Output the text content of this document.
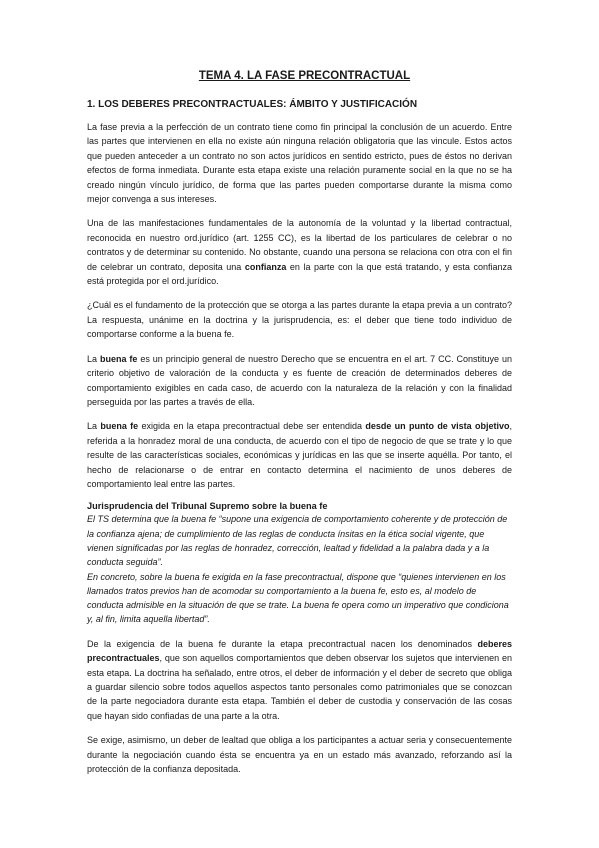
TEMA 4. LA FASE PRECONTRACTUAL
1. LOS DEBERES PRECONTRACTUALES: ÁMBITO Y JUSTIFICACIÓN

La fase previa a la perfección de un contrato tiene como fin principal la conclusión de un acuerdo. Entre las partes que intervienen en ella no existe aún ninguna relación obligatoria que las vincule. Estos actos que pueden anteceder a un contrato no son actos jurídicos en sentido estricto, pues de éstos no derivan efectos de forma inmediata. Durante esta etapa existe una relación puramente social en la que no se ha creado ningún vínculo jurídico, de forma que las partes pueden comportarse durante la misma como mejor convenga a sus intereses.

Una de las manifestaciones fundamentales de la autonomía de la voluntad y la libertad contractual, reconocida en nuestro ord.jurídico (art. 1255 CC), es la libertad de los particulares de celebrar o no contratos y de determinar su contenido. No obstante, cuando una persona se relaciona con otra con el fin de celebrar un contrato, deposita una confianza en la parte con la que está tratando, y esta confianza está protegida por el ord.jurídico.

¿Cuál es el fundamento de la protección que se otorga a las partes durante la etapa previa a un contrato? La respuesta, unánime en la doctrina y la jurisprudencia, es: el deber que tiene todo individuo de comportarse conforme a la buena fe.

La buena fe es un principio general de nuestro Derecho que se encuentra en el art. 7 CC. Constituye un criterio objetivo de valoración de la conducta y es fuente de creación de determinados deberes de comportamiento exigibles en cada caso, de acuerdo con la naturaleza de la relación y con la finalidad perseguida por las partes a través de ella.

La buena fe exigida en la etapa precontractual debe ser entendida desde un punto de vista objetivo, referida a la honradez moral de una conducta, de acuerdo con el tipo de negocio de que se trate y lo que resulte de las características sociales, económicas y jurídicas en las que se inserte aquélla. Por tanto, el hecho de relacionarse o de entrar en contacto determina el nacimiento de unos deberes de comportamiento leal entre las partes.

Jurisprudencia del Tribunal Supremo sobre la buena fe

El TS determina que la buena fe “supone una exigencia de comportamiento coherente y de protección de la confianza ajena; de cumplimiento de las reglas de conducta ínsitas en la ética social vigente, que vienen significadas por las reglas de honradez, corrección, lealtad y fidelidad a la palabra dada y a la conducta seguida”.

En concreto, sobre la buena fe exigida en la fase precontractual, dispone que “quienes intervienen en los llamados tratos previos han de acomodar su comportamiento a la buena fe, esto es, al modelo de conducta admisible en la situación de que se trate. La buena fe opera como un imperativo que condiciona y, al fin, limita aquella libertad”.

De la exigencia de la buena fe durante la etapa precontractual nacen los denominados deberes precontractuales, que son aquellos comportamientos que deben observar los sujetos que intervienen en esta etapa. La doctrina ha señalado, entre otros, el deber de información y el deber de secreto que obliga a guardar silencio sobre todos aquellos aspectos tanto personales como patrimoniales que se conozcan de la parte negociadora durante esta etapa. También el deber de custodia y conservación de las cosas que hayan sido confiadas de una parte a la otra.

Se exige, asimismo, un deber de lealtad que obliga a los participantes a actuar seria y consecuentemente durante la negociación cuando ésta se encuentra ya en un estado más avanzado, reforzando así la protección de la confianza depositada.
